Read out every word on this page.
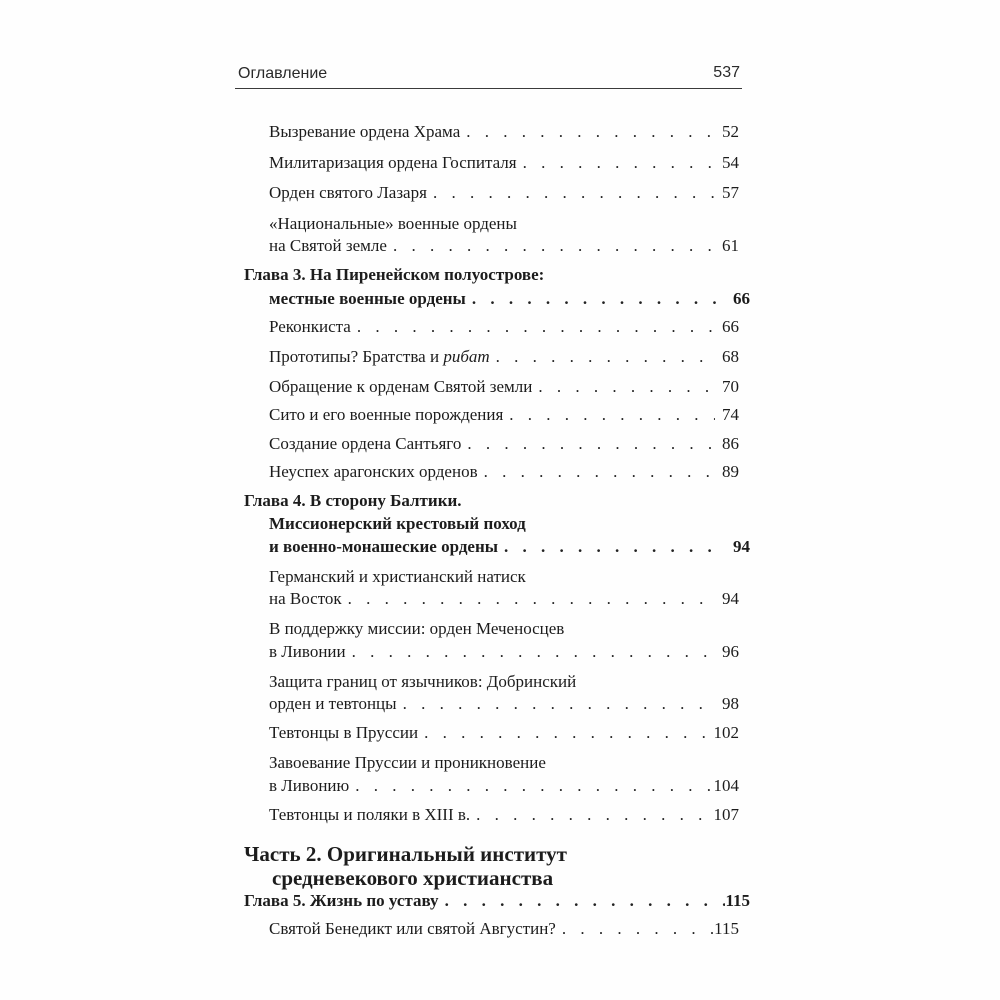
Оглавление	537
Вызревание ордена Храма . . .	52
Милитаризация ордена Госпиталя . . .	54
Орден святого Лазаря . . .	57
«Национальные» военные ордены
на Святой земле . . .	61
Глава 3. На Пиренейском полуострове:
местные военные ордены . . .	66
Реконкиста . . .	66
Прототипы? Братства и рибат . . .	68
Обращение к орденам Святой земли . . .	70
Сито и его военные порождения . . .	74
Создание ордена Сантьяго . . .	86
Неуспех арагонских орденов . . .	89
Глава 4. В сторону Балтики.
Миссионерский крестовый поход
и военно-монашеские ордены . . .	94
Германский и христианский натиск
на Восток . . .	94
В поддержку миссии: орден Меченосцев
в Ливонии . . .	96
Защита границ от язычников: Добринский
орден и тевтонцы . . .	98
Тевтонцы в Пруссии . . .	102
Завоевание Пруссии и проникновение
в Ливонию . . .	104
Тевтонцы и поляки в XIII в. . . .	107
Часть 2. Оригинальный институт
средневекового христианства
Глава 5. Жизнь по уставу . . .	115
Святой Бенедикт или святой Августин? . . .	115
